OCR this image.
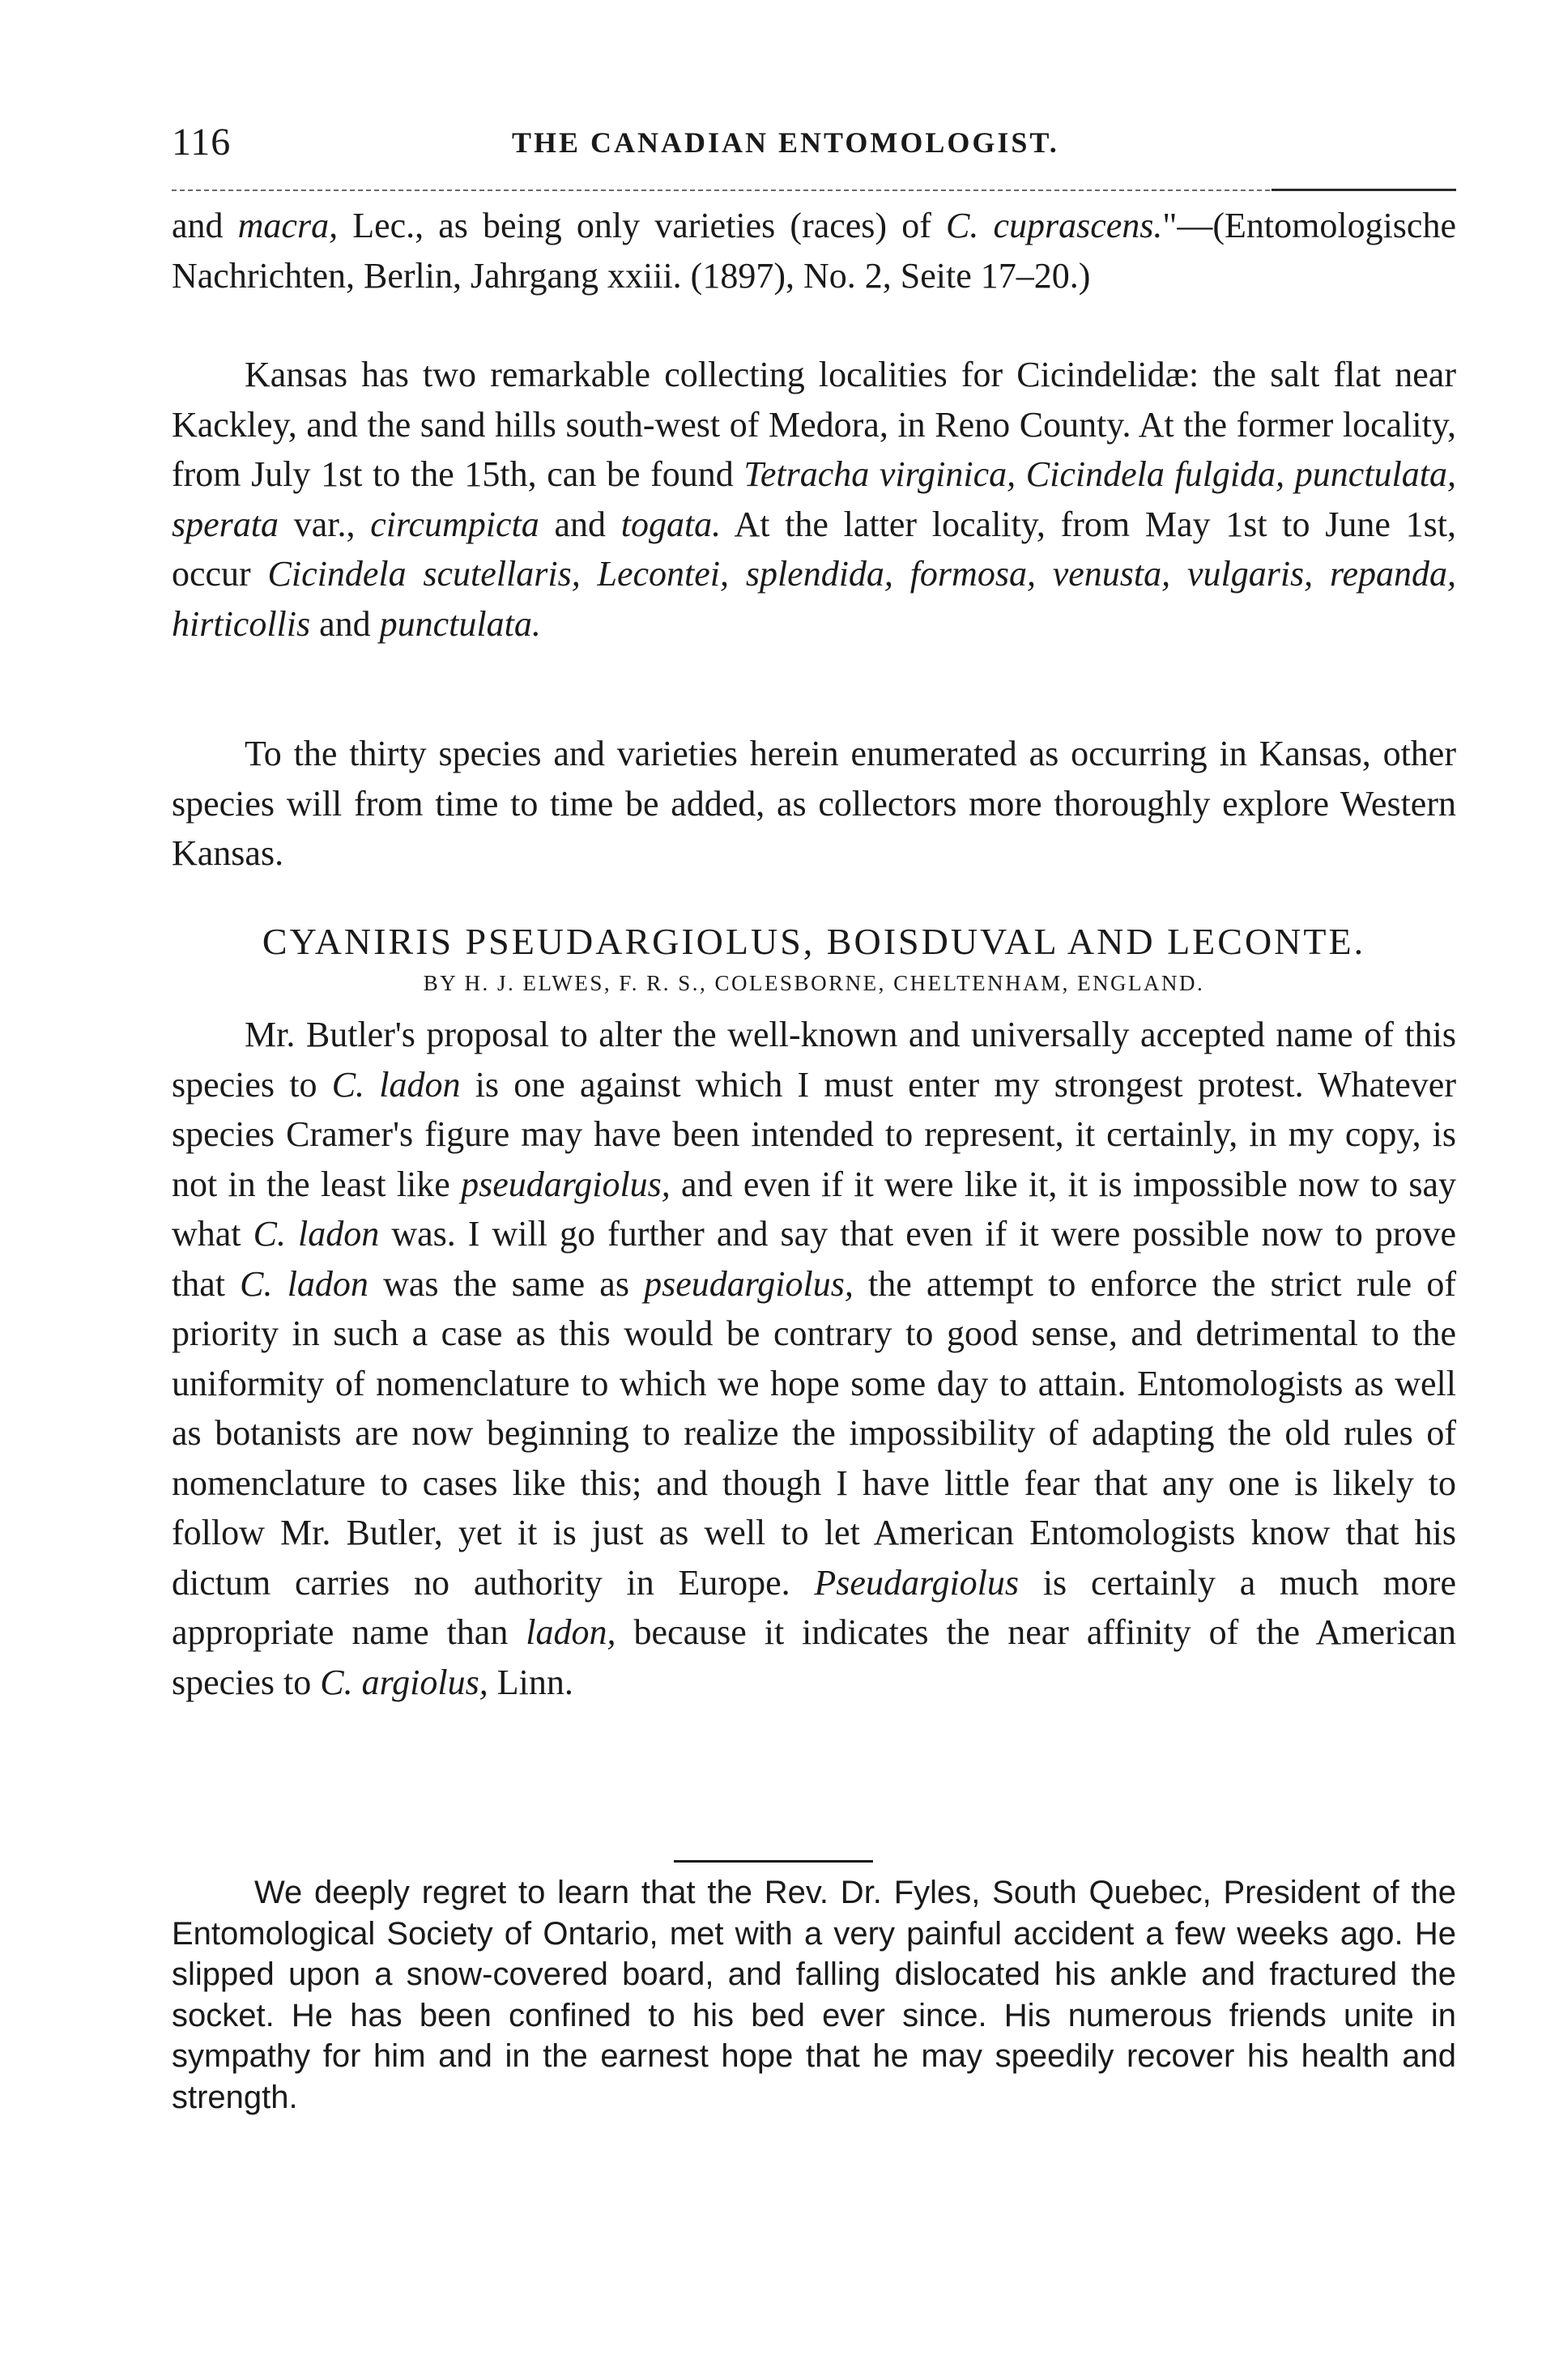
116	THE CANADIAN ENTOMOLOGIST.

and macra, Lec., as being only varieties (races) of C. cuprascens."—(Entomologische Nachrichten, Berlin, Jahrgang xxiii. (1897), No. 2, Seite 17–20.)

Kansas has two remarkable collecting localities for Cicindelidæ: the salt flat near Kackley, and the sand hills south-west of Medora, in Reno County. At the former locality, from July 1st to the 15th, can be found Tetracha virginica, Cicindela fulgida, punctulata, sperata var., circumpicta and togata. At the latter locality, from May 1st to June 1st, occur Cicindela scutellaris, Lecontei, splendida, formosa, venusta, vulgaris, repanda, hirticollis and punctulata.

To the thirty species and varieties herein enumerated as occurring in Kansas, other species will from time to time be added, as collectors more thoroughly explore Western Kansas.

CYANIRIS PSEUDARGIOLUS, BOISDUVAL AND LECONTE.
BY H. J. ELWES, F. R. S., COLESBORNE, CHELTENHAM, ENGLAND.

Mr. Butler's proposal to alter the well-known and universally accepted name of this species to C. ladon is one against which I must enter my strongest protest. Whatever species Cramer's figure may have been intended to represent, it certainly, in my copy, is not in the least like pseudargiolus, and even if it were like it, it is impossible now to say what C. ladon was. I will go further and say that even if it were possible now to prove that C. ladon was the same as pseudargiolus, the attempt to enforce the strict rule of priority in such a case as this would be contrary to good sense, and detrimental to the uniformity of nomenclature to which we hope some day to attain. Entomologists as well as botanists are now beginning to realize the impossibility of adapting the old rules of nomenclature to cases like this; and though I have little fear that any one is likely to follow Mr. Butler, yet it is just as well to let American Entomologists know that his dictum carries no authority in Europe. Pseudargiolus is certainly a much more appropriate name than ladon, because it indicates the near affinity of the American species to C. argiolus, Linn.

We deeply regret to learn that the Rev. Dr. Fyles, South Quebec, President of the Entomological Society of Ontario, met with a very painful accident a few weeks ago. He slipped upon a snow-covered board, and falling dislocated his ankle and fractured the socket. He has been confined to his bed ever since. His numerous friends unite in sympathy for him and in the earnest hope that he may speedily recover his health and strength.
